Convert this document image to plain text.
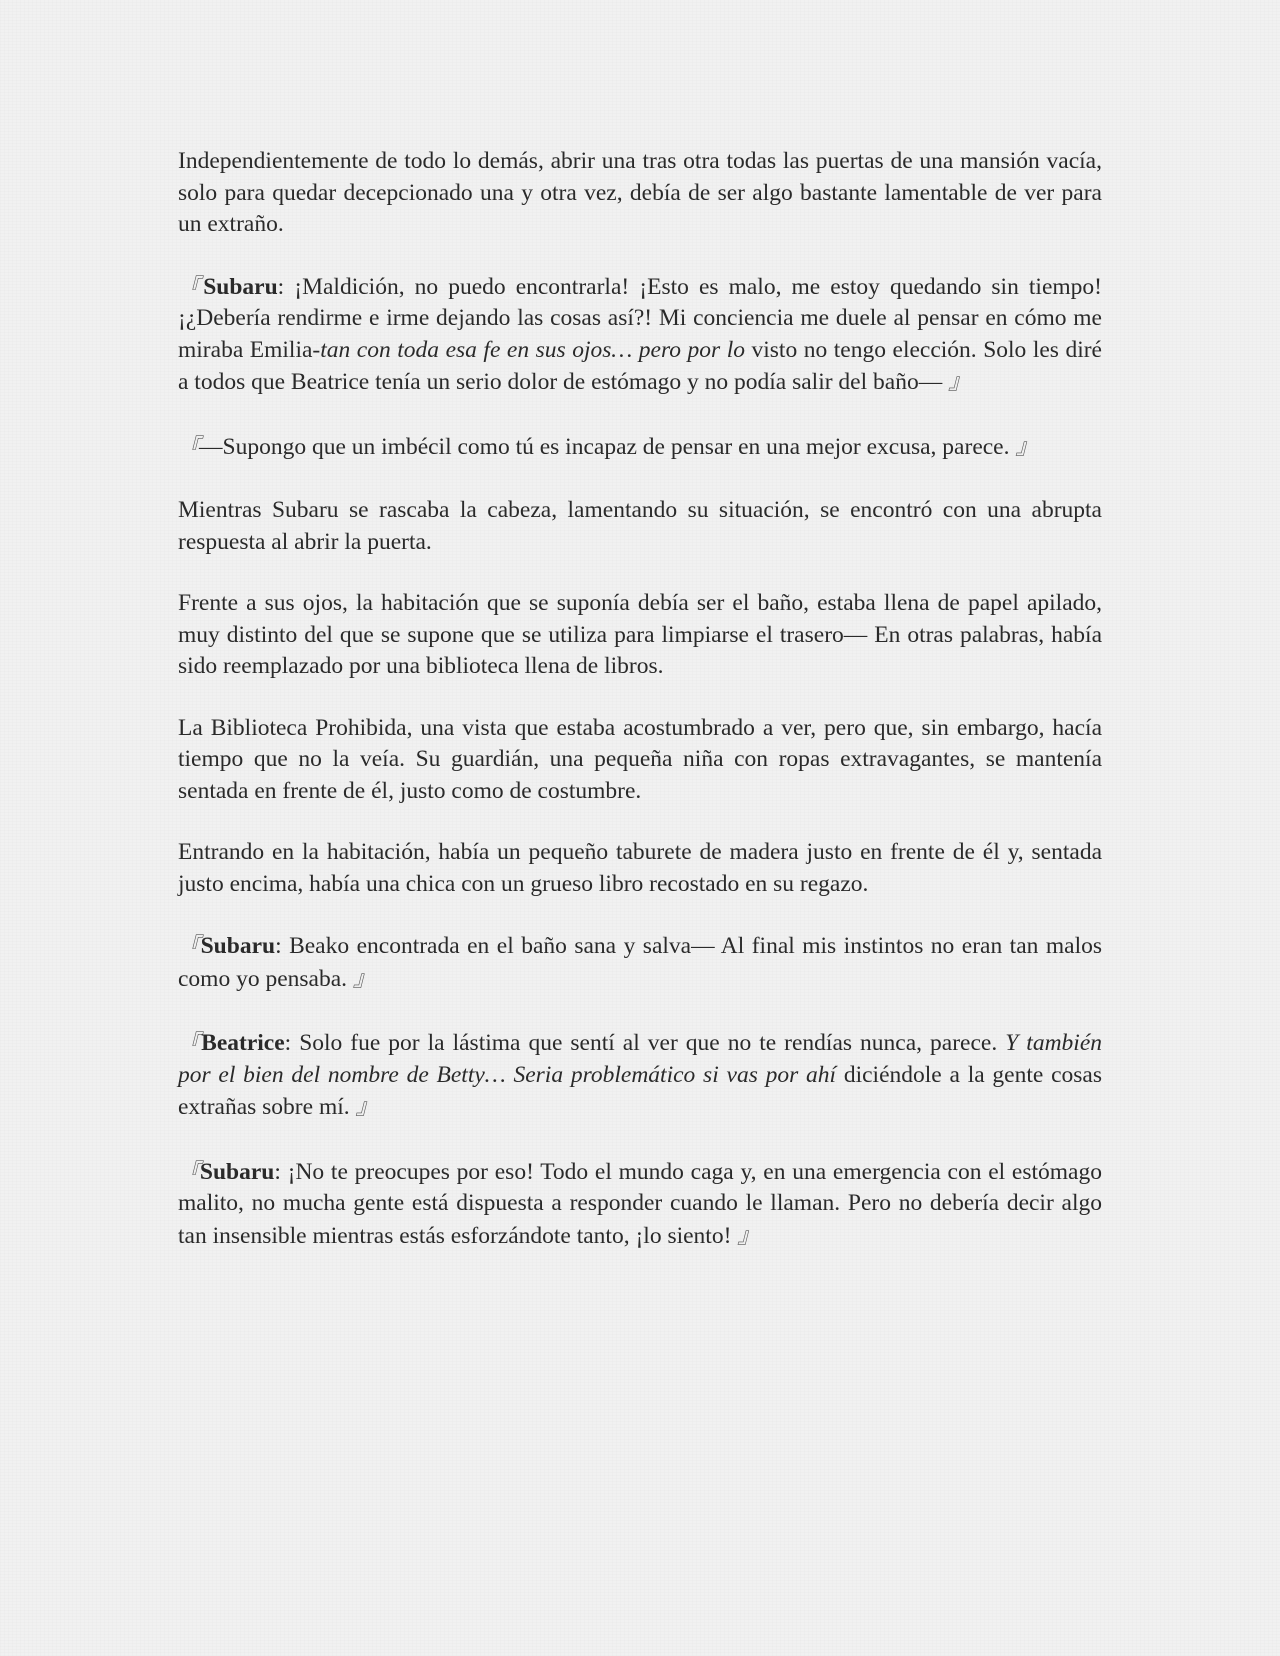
Independientemente de todo lo demás, abrir una tras otra todas las puertas de una mansión vacía, solo para quedar decepcionado una y otra vez, debía de ser algo bastante lamentable de ver para un extraño.

『Subaru: ¡Maldición, no puedo encontrarla! ¡Esto es malo, me estoy quedando sin tiempo! ¡¿Debería rendirme e irme dejando las cosas así?! Mi conciencia me duele al pensar en cómo me miraba Emilia-tan con toda esa fe en sus ojos… pero por lo visto no tengo elección. Solo les diré a todos que Beatrice tenía un serio dolor de estómago y no podía salir del baño— 』

『—Supongo que un imbécil como tú es incapaz de pensar en una mejor excusa, parece. 』

Mientras Subaru se rascaba la cabeza, lamentando su situación, se encontró con una abrupta respuesta al abrir la puerta.

Frente a sus ojos, la habitación que se suponía debía ser el baño, estaba llena de papel apilado, muy distinto del que se supone que se utiliza para limpiarse el trasero— En otras palabras, había sido reemplazado por una biblioteca llena de libros.

La Biblioteca Prohibida, una vista que estaba acostumbrado a ver, pero que, sin embargo, hacía tiempo que no la veía. Su guardián, una pequeña niña con ropas extravagantes, se mantenía sentada en frente de él, justo como de costumbre.

Entrando en la habitación, había un pequeño taburete de madera justo en frente de él y, sentada justo encima, había una chica con un grueso libro recostado en su regazo.

『Subaru: Beako encontrada en el baño sana y salva— Al final mis instintos no eran tan malos como yo pensaba. 』

『Beatrice: Solo fue por la lástima que sentí al ver que no te rendías nunca, parece. Y también por el bien del nombre de Betty… Seria problemático si vas por ahí diciéndole a la gente cosas extrañas sobre mí. 』

『Subaru: ¡No te preocupes por eso! Todo el mundo caga y, en una emergencia con el estómago malito, no mucha gente está dispuesta a responder cuando le llaman. Pero no debería decir algo tan insensible mientras estás esforzándote tanto, ¡lo siento! 』
